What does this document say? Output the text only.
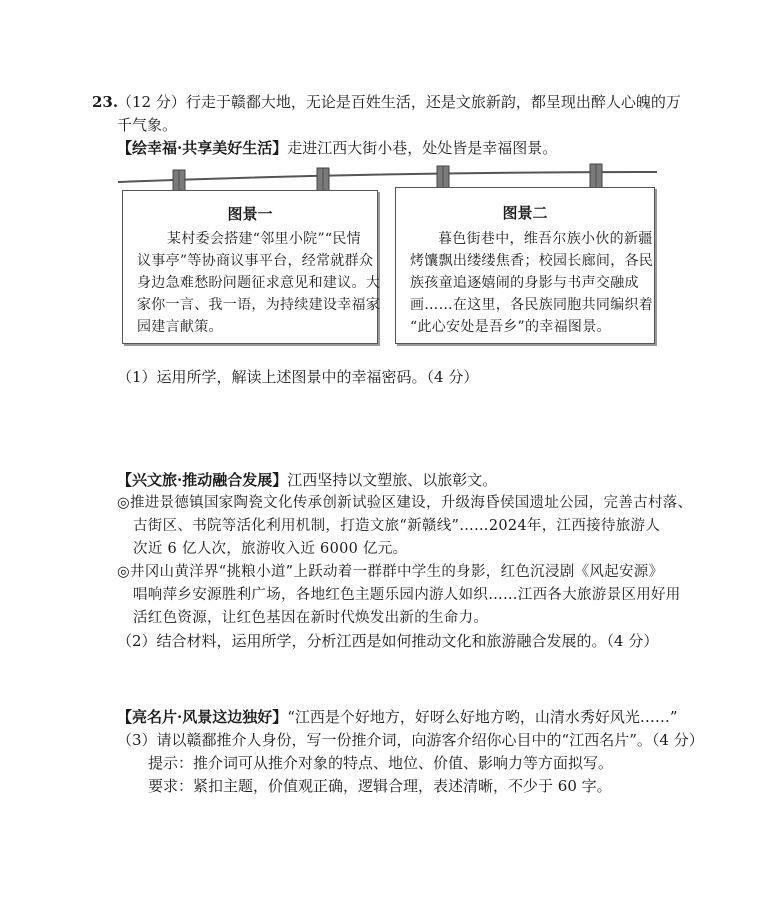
23.
（12 分）行走于赣鄱大地，无论是百姓生活，还是文旅新韵，都呈现出醉人心魄的万
千气象。
【绘幸福·共享美好生活】走进江西大街小巷，处处皆是幸福图景。
图景一
某村委会搭建“邻里小院”“民情
议事亭”等协商议事平台，经常就群众
身边急难愁盼问题征求意见和建议。大
家你一言、我一语，为持续建设幸福家
园建言献策。
图景二
暮色街巷中，维吾尔族小伙的新疆
烤馕飘出缕缕焦香；校园长廊间，各民
族孩童追逐嬉闹的身影与书声交融成
画……在这里，各民族同胞共同编织着
“此心安处是吾乡”的幸福图景。
（1）运用所学，解读上述图景中的幸福密码。（4 分）
【兴文旅·推动融合发展】江西坚持以文塑旅、以旅彰文。
◎推进景德镇国家陶瓷文化传承创新试验区建设，升级海昏侯国遗址公园，完善古村落、
古街区、书院等活化利用机制，打造文旅“新赣线”……2024年，江西接待旅游人
次近 6 亿人次，旅游收入近 6000 亿元。
◎井冈山黄洋界“挑粮小道”上跃动着一群群中学生的身影，红色沉浸剧《风起安源》
唱响萍乡安源胜利广场，各地红色主题乐园内游人如织……江西各大旅游景区用好用
活红色资源，让红色基因在新时代焕发出新的生命力。
（2）结合材料，运用所学，分析江西是如何推动文化和旅游融合发展的。（4 分）
【亮名片·风景这边独好】“江西是个好地方，好呀么好地方哟，山清水秀好风光……”
（3）请以赣鄱推介人身份，写一份推介词，向游客介绍你心目中的“江西名片”。（4 分）
提示：推介词可从推介对象的特点、地位、价值、影响力等方面拟写。
要求：紧扣主题，价值观正确，逻辑合理，表述清晰，不少于 60 字。
